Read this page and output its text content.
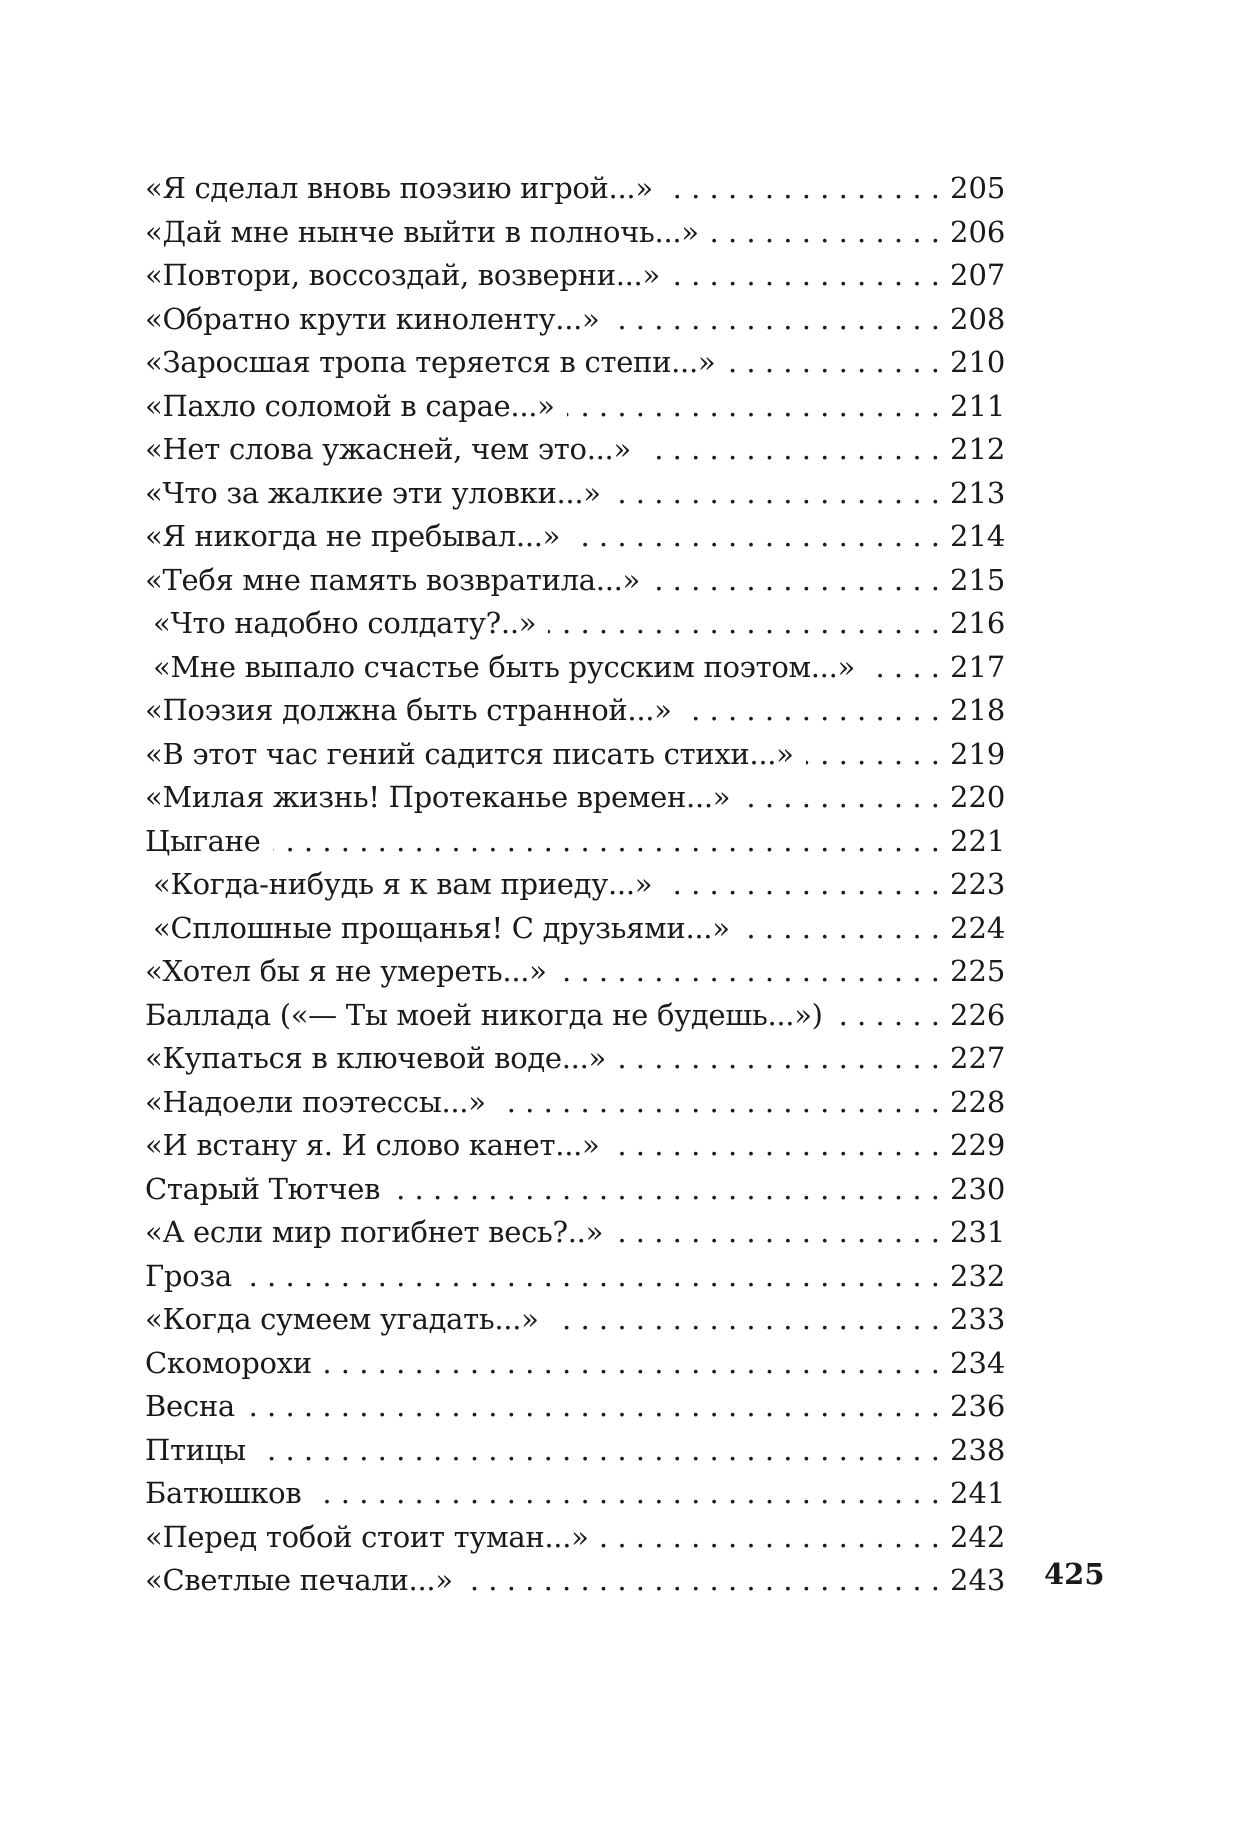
«Я сделал вновь поэзию игрой...» . . .	205
«Дай мне нынче выйти в полночь...» . . .	206
«Повтори, воссоздай, возверни...» . . .	207
«Обратно крути киноленту...» . . .	208
«Заросшая тропа теряется в степи...» . . .	210
«Пахло соломой в сарае...» . . .	211
«Нет слова ужасней, чем это...» . . .	212
«Что за жалкие эти уловки...» . . .	213
«Я никогда не пребывал...» . . .	214
«Тебя мне память возвратила...» . . .	215
«Что надобно солдату?..» . . .	216
«Мне выпало счастье быть русским поэтом...» . . .	217
«Поэзия должна быть странной...» . . .	218
«В этот час гений садится писать стихи...» . . .	219
«Милая жизнь! Протеканье времен...» . . .	220
Цыгане . . .	221
«Когда-нибудь я к вам приеду...» . . .	223
«Сплошные прощанья! С друзьями...» . . .	224
«Хотел бы я не умереть...» . . .	225
Баллада («— Ты моей никогда не будешь...») . . .	226
«Купаться в ключевой воде...» . . .	227
«Надоели поэтессы...» . . .	228
«И встану я. И слово канет...» . . .	229
Старый Тютчев . . .	230
«А если мир погибнет весь?..» . . .	231
Гроза . . .	232
«Когда сумеем угадать...» . . .	233
Скоморохи . . .	234
Весна . . .	236
Птицы . . .	238
Батюшков . . .	241
«Перед тобой стоит туман...» . . .	242
«Светлые печали...» . . .	243 425
